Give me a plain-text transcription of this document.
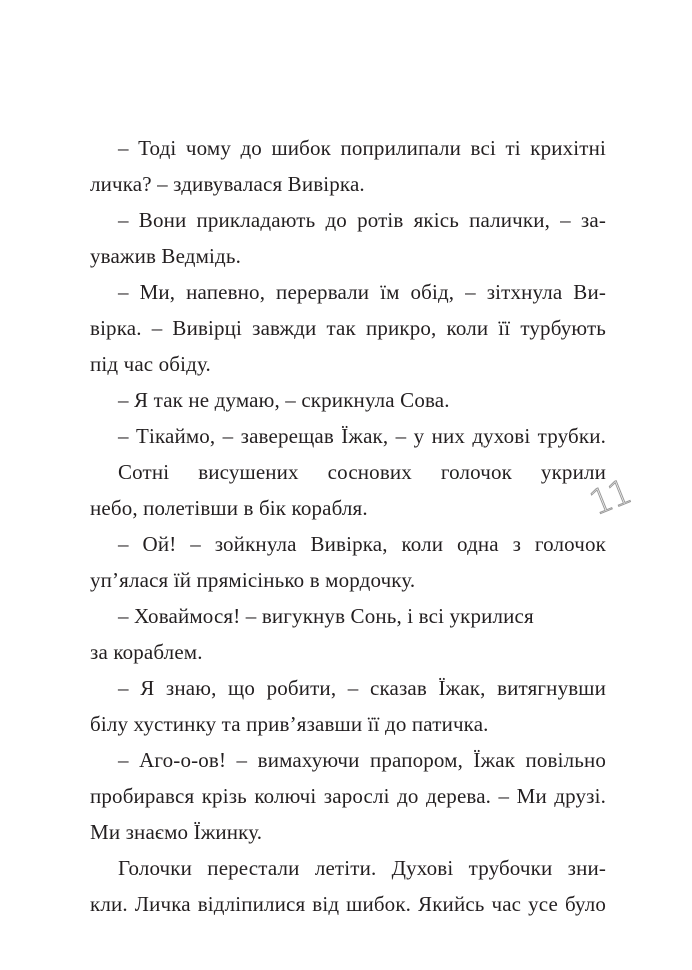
– Тоді чому до шибок поприлипали всі ті крихітні
личка? – здивувалася Вивірка.
– Вони прикладають до ротів якісь палички, – за-
уважив Ведмідь.
– Ми, напевно, перервали їм обід, – зітхнула Ви-
вірка. – Вивірці завжди так прикро, коли її турбують
під час обіду.
– Я так не думаю, – скрикнула Сова.
– Тікаймо, – заверещав Їжак, – у них духові трубки.
Сотні висушених соснових голочок укрили
небо, полетівши в бік корабля.
– Ой! – зойкнула Вивірка, коли одна з голочок
уп’ялася їй прямісінько в мордочку.
– Ховаймося! – вигукнув Сонь, і всі укрилися
за кораблем.
– Я знаю, що робити, – сказав Їжак, витягнувши
білу хустинку та прив’язавши її до патичка.
– Аго-о-ов! – вимахуючи прапором, Їжак повільно
пробирався крізь колючі зарослі до дерева. – Ми друзі.
Ми знаємо Їжинку.
Голочки перестали летіти. Духові трубочки зни-
кли. Личка відліпилися від шибок. Якийсь час усе було
11
